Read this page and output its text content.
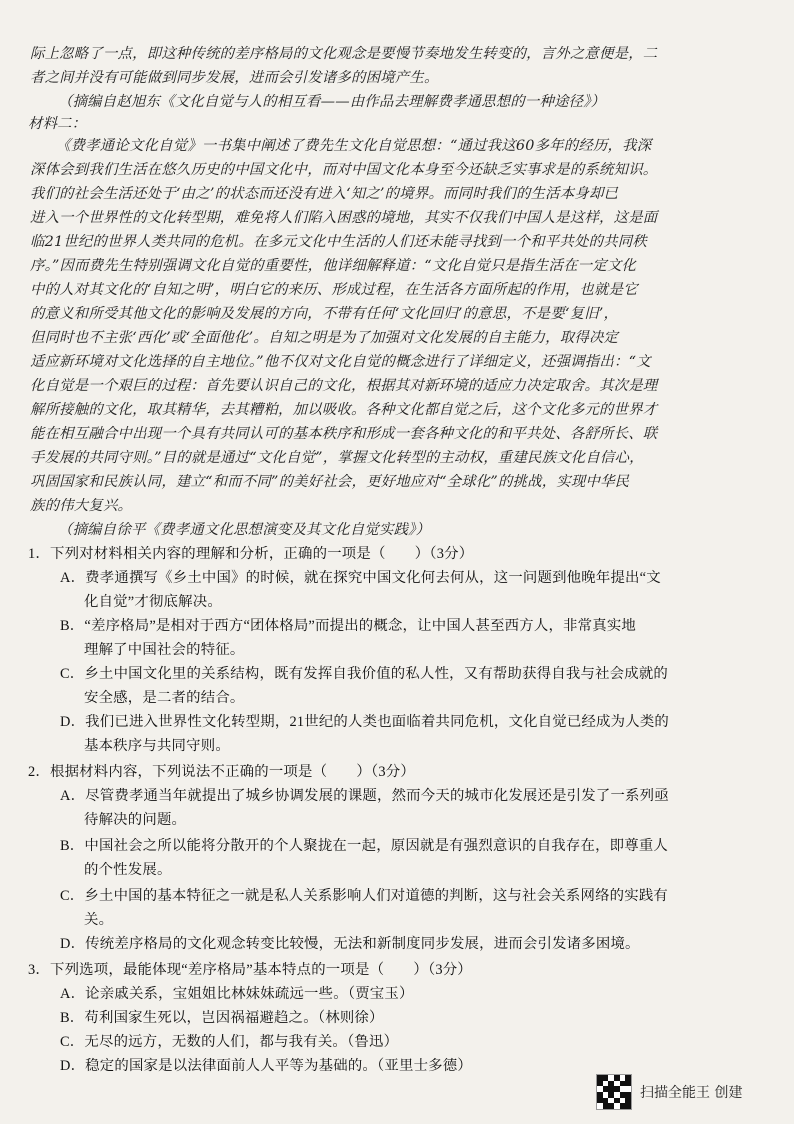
际上忽略了一点，即这种传统的差序格局的文化观念是要慢节奏地发生转变的，言外之意便是，二
者之间并没有可能做到同步发展，进而会引发诸多的困境产生。
（摘编自赵旭东《文化自觉与人的相互看——由作品去理解费孝通思想的一种途径》）
材料二：
《费孝通论文化自觉》一书集中阐述了费先生文化自觉思想：“通过我这60多年的经历，我深
深体会到我们生活在悠久历史的中国文化中，而对中国文化本身至今还缺乏实事求是的系统知识。
我们的社会生活还处于‘由之’的状态而还没有进入‘知之’的境界。而同时我们的生活本身却已
进入一个世界性的文化转型期，难免将人们陷入困惑的境地，其实不仅我们中国人是这样，这是面
临21世纪的世界人类共同的危机。在多元文化中生活的人们还未能寻找到一个和平共处的共同秩
序。”因而费先生特别强调文化自觉的重要性，他详细解释道：“文化自觉只是指生活在一定文化
中的人对其文化的‘自知之明’，明白它的来历、形成过程，在生活各方面所起的作用，也就是它
的意义和所受其他文化的影响及发展的方向，不带有任何‘文化回归’的意思，不是要‘复旧’，
但同时也不主张‘西化’或‘全面他化’。自知之明是为了加强对文化发展的自主能力，取得决定
适应新环境对文化选择的自主地位。”他不仅对文化自觉的概念进行了详细定义，还强调指出：“文
化自觉是一个艰巨的过程：首先要认识自己的文化，根据其对新环境的适应力决定取舍。其次是理
解所接触的文化，取其精华，去其糟粕，加以吸收。各种文化都自觉之后，这个文化多元的世界才
能在相互融合中出现一个具有共同认可的基本秩序和形成一套各种文化的和平共处、各舒所长、联
手发展的共同守则。”目的就是通过“文化自觉”，掌握文化转型的主动权，重建民族文化自信心，
巩固国家和民族认同，建立“和而不同”的美好社会，更好地应对“全球化”的挑战，实现中华民
族的伟大复兴。
（摘编自徐平《费孝通文化思想演变及其文化自觉实践》）
1．下列对材料相关内容的理解和分析，正确的一项是（　　）（3分）
A．费孝通撰写《乡土中国》的时候，就在探究中国文化何去何从，这一问题到他晚年提出“文
化自觉”才彻底解决。
B．“差序格局”是相对于西方“团体格局”而提出的概念，让中国人甚至西方人，非常真实地
理解了中国社会的特征。
C．乡土中国文化里的关系结构，既有发挥自我价值的私人性，又有帮助获得自我与社会成就的
安全感，是二者的结合。
D．我们已进入世界性文化转型期，21世纪的人类也面临着共同危机，文化自觉已经成为人类的
基本秩序与共同守则。
2．根据材料内容，下列说法不正确的一项是（　　）（3分）
A．尽管费孝通当年就提出了城乡协调发展的课题，然而今天的城市化发展还是引发了一系列亟
待解决的问题。
B．中国社会之所以能将分散开的个人聚拢在一起，原因就是有强烈意识的自我存在，即尊重人
的个性发展。
C．乡土中国的基本特征之一就是私人关系影响人们对道德的判断，这与社会关系网络的实践有
关。
D．传统差序格局的文化观念转变比较慢，无法和新制度同步发展，进而会引发诸多困境。
3．下列选项，最能体现“差序格局”基本特点的一项是（　　）（3分）
A．论亲戚关系，宝姐姐比林妹妹疏远一些。（贾宝玉）
B．苟利国家生死以，岂因祸福避趋之。（林则徐）
C．无尽的远方，无数的人们，都与我有关。（鲁迅）
D．稳定的国家是以法律面前人人平等为基础的。（亚里士多德）
扫描全能王 创建
